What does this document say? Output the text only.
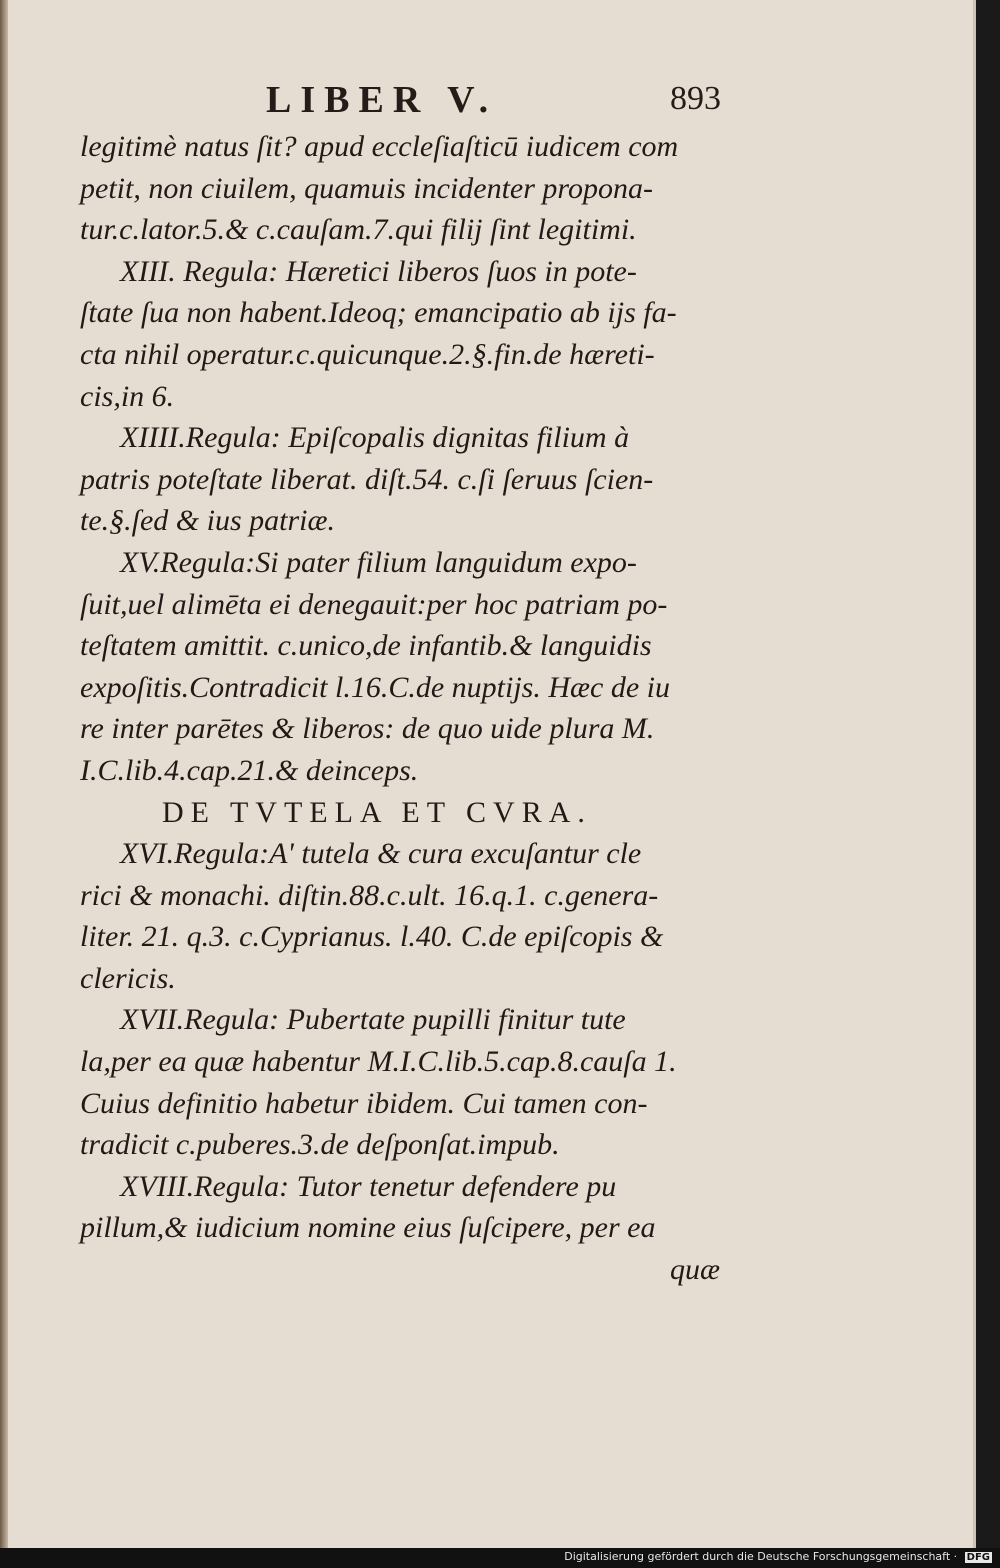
LIBER V.	893
legitimè natus ſit? apud eccleſiaſticū iudicem com
petit, non ciuilem, quamuis incidenter proponа-
tur.c.lator.5.& c.cauſam.7.qui filij ſint legitimi.
XIII. Regula: Hæretici liberos ſuos in pote-
ſtate ſua non habent.Ideoq; emancipatio ab ijs fa-
cta nihil operatur.c.quicunque.2.§.fin.de hæreti-
cis,in 6.
XIIII.Regula: Epiſcopalis dignitas filium à
patris poteſtate liberat. diſt.54. c.ſi ſeruus ſcien-
te.§.ſed & ius patriæ.
XV.Regula:Si pater filium languidum expo-
ſuit,uel alimēta ei denegauit:per hoc patriam po-
teſtatem amittit. c.unico,de infantib.& languidis
expoſitis.Contradicit l.16.C.de nuptijs. Hæc de iu
re inter parētes & liberos: de quo uide plura M.
I.C.lib.4.cap.21.& deinceps.
DE TVTELA ET CVRA.
XVI.Regula:A' tutela & cura excuſantur cle
rici & monachi. diſtin.88.c.ult. 16.q.1. c.generа-
liter. 21. q.3. c.Cyprianus. l.40. C.de epiſcopis &
clericis.
XVII.Regula: Pubertate pupilli finitur tute
la,per ea quæ habentur M.I.C.lib.5.cap.8.cauſa 1.
Cuius definitio habetur ibidem. Cui tamen con-
tradicit c.puberes.3.de deſponſat.impub.
XVIII.Regula: Tutor tenetur defendere pu
pillum,& iudicium nomine eius ſuſcipere, per ea
quæ
Digitalisierung gefördert durch die Deutsche Forschungsgemeinschaft · DFG
